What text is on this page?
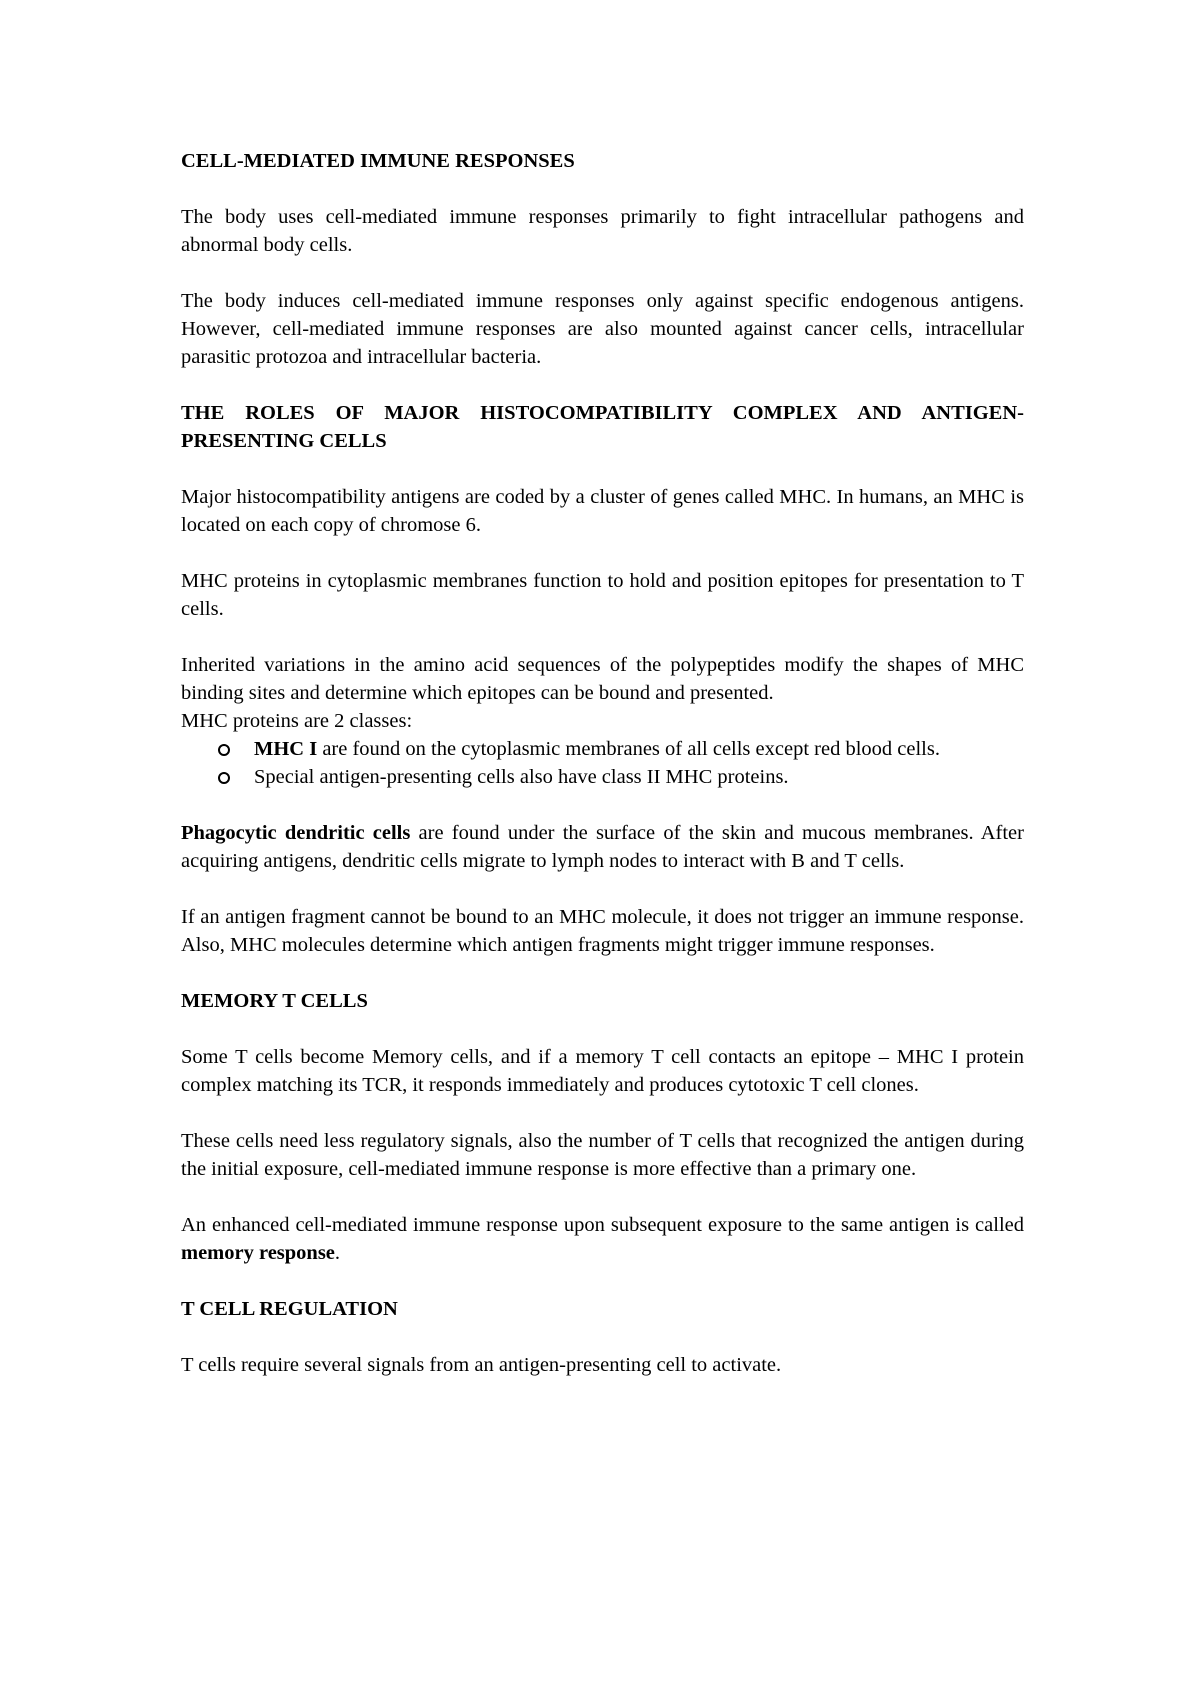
CELL-MEDIATED IMMUNE RESPONSES
The body uses cell-mediated immune responses primarily to fight intracellular pathogens and abnormal body cells.
The body induces cell-mediated immune responses only against specific endogenous antigens. However, cell-mediated immune responses are also mounted against cancer cells, intracellular parasitic protozoa and intracellular bacteria.
THE ROLES OF MAJOR HISTOCOMPATIBILITY COMPLEX AND ANTIGEN-PRESENTING CELLS
Major histocompatibility antigens are coded by a cluster of genes called MHC. In humans, an MHC is located on each copy of chromose 6.
MHC proteins in cytoplasmic membranes function to hold and position epitopes for presentation to T cells.
Inherited variations in the amino acid sequences of the polypeptides modify the shapes of MHC binding sites and determine which epitopes can be bound and presented.
MHC proteins are 2 classes:
MHC I are found on the cytoplasmic membranes of all cells except red blood cells.
Special antigen-presenting cells also have class II MHC proteins.
Phagocytic dendritic cells are found under the surface of the skin and mucous membranes. After acquiring antigens, dendritic cells migrate to lymph nodes to interact with B and T cells.
If an antigen fragment cannot be bound to an MHC molecule, it does not trigger an immune response. Also, MHC molecules determine which antigen fragments might trigger immune responses.
MEMORY T CELLS
Some T cells become Memory cells, and if a memory T cell contacts an epitope – MHC I protein complex matching its TCR, it responds immediately and produces cytotoxic T cell clones.
These cells need less regulatory signals, also the number of T cells that recognized the antigen during the initial exposure, cell-mediated immune response is more effective than a primary one.
An enhanced cell-mediated immune response upon subsequent exposure to the same antigen is called memory response.
T CELL REGULATION
T cells require several signals from an antigen-presenting cell to activate.
